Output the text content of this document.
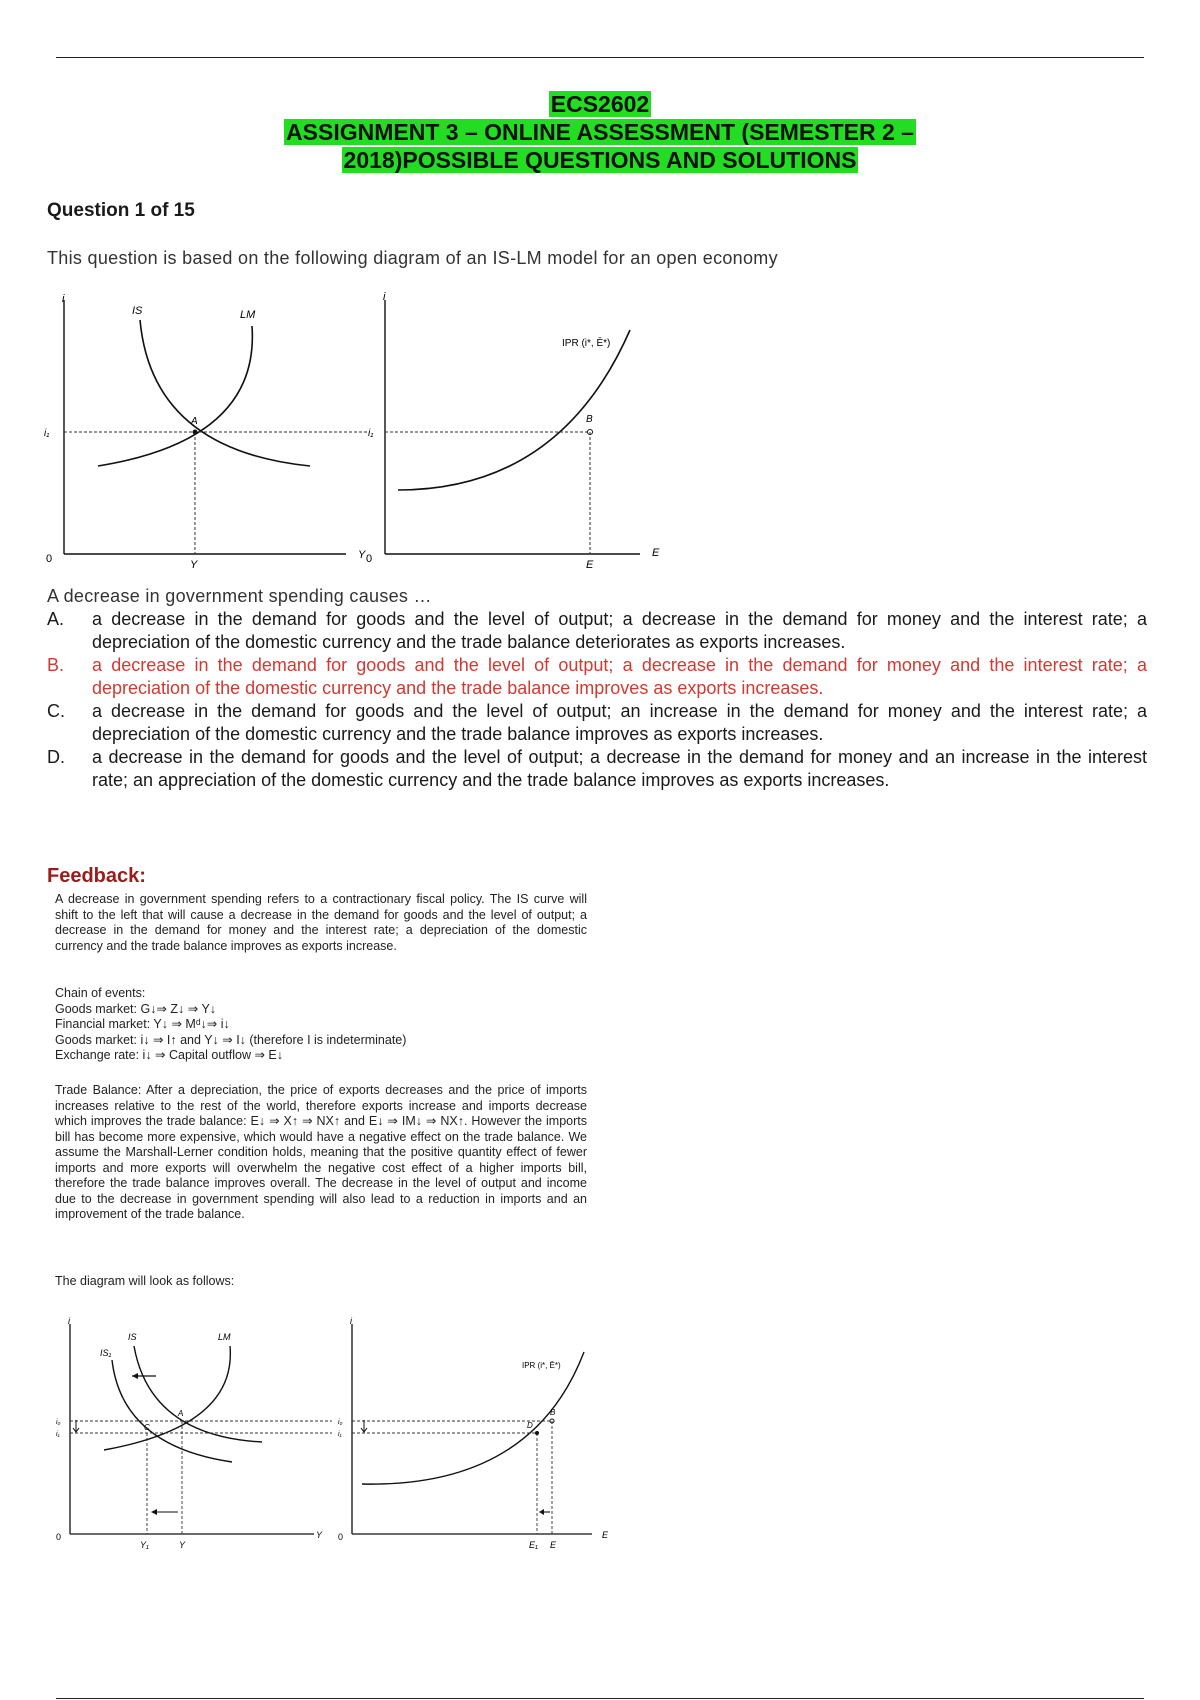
ECS2602
ASSIGNMENT 3 – ONLINE ASSESSMENT (SEMESTER 2 –
2018)POSSIBLE QUESTIONS AND SOLUTIONS
Question 1 of 15
This question is based on the following diagram of an IS-LM model for an open economy
i
Y
0
IS	LM
A
i₁
Y
i
E
0
i₁
IPR (i*, Ē*)
B
E
A decrease in government spending causes …
A.	a decrease in the demand for goods and the level of output; a decrease in the demand for money and the interest rate; a depreciation of the domestic currency and the trade balance deteriorates as exports increases.
B.	a decrease in the demand for goods and the level of output; a decrease in the demand for money and the interest rate; a depreciation of the domestic currency and the trade balance improves as exports increases.
C.	a decrease in the demand for goods and the level of output; an increase in the demand for money and the interest rate; a depreciation of the domestic currency and the trade balance improves as exports increases.
D.	a decrease in the demand for goods and the level of output; a decrease in the demand for money and an increase in the interest rate; an appreciation of the domestic currency and the trade balance improves as exports increases.
Feedback:

A decrease in government spending refers to a contractionary fiscal policy. The IS curve will shift to the left that will cause a decrease in the demand for goods and the level of output; a decrease in the demand for money and the interest rate; a depreciation of the domestic currency and the trade balance improves as exports increase.

Chain of events:

Goods market: G↓⇒ Z↓ ⇒ Y↓

Financial market: Y↓ ⇒ Mᵈ↓⇒ i↓

Goods market: i↓ ⇒ I↑ and Y↓ ⇒ I↓ (therefore I is indeterminate)

Exchange rate: i↓ ⇒ Capital outflow ⇒ E↓

Trade Balance: After a depreciation, the price of exports decreases and the price of imports increases relative to the rest of the world, therefore exports increase and imports decrease which improves the trade balance: E↓ ⇒ X↑ ⇒ NX↑ and E↓ ⇒ IM↓ ⇒ NX↑. However the imports bill has become more expensive, which would have a negative effect on the trade balance. We assume the Marshall-Lerner condition holds, meaning that the positive quantity effect of fewer imports and more exports will overwhelm the negative cost effect of a higher imports bill, therefore the trade balance improves overall. The decrease in the level of output and income due to the decrease in government spending will also lead to a reduction in imports and an improvement of the trade balance.

The diagram will look as follows:

i
Y
0
IS
IS₁
LM
A
C
i₀
i₁
Y₁	Y
i
E
0
i₀
i₁
IPR (i*, Ē*)
B
D
E₁ E
